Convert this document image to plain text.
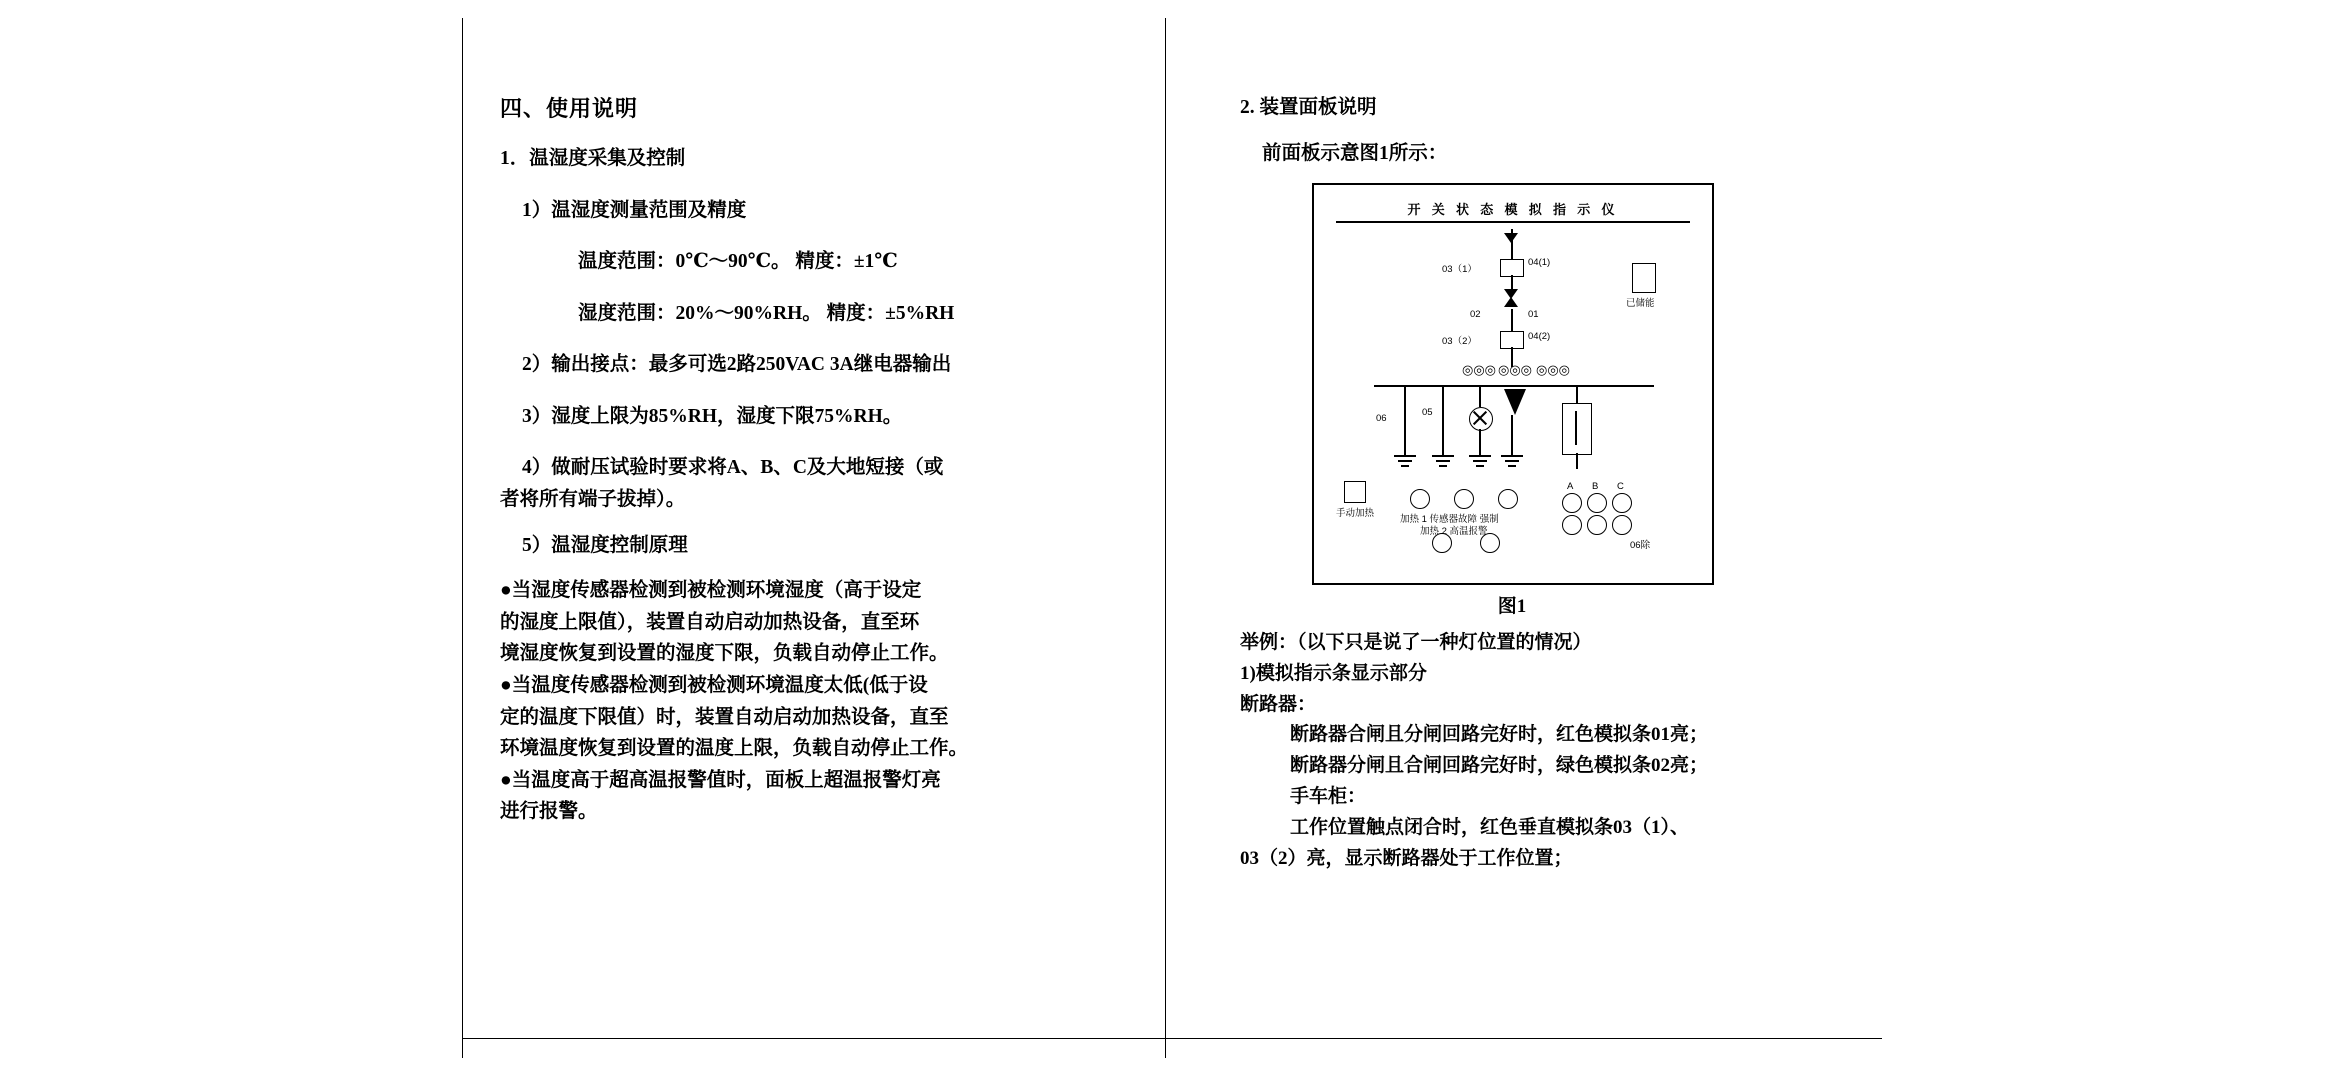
四、使用说明
1．温湿度采集及控制
1）温湿度测量范围及精度
温度范围：0℃～90℃。 精度：±1℃
湿度范围：20%～90%RH。 精度：±5%RH
2）输出接点：最多可选2路250VAC 3A继电器输出
3）湿度上限为85%RH，湿度下限75%RH。
4）做耐压试验时要求将A、B、C及大地短接（或
者将所有端子拔掉）。
5）温湿度控制原理
●当湿度传感器检测到被检测环境湿度（高于设定
的湿度上限值），装置自动启动加热设备，直至环
境湿度恢复到设置的湿度下限，负载自动停止工作。
●当温度传感器检测到被检测环境温度太低(低于设
定的温度下限值）时，装置自动启动加热设备，直至
环境温度恢复到设置的温度上限，负载自动停止工作。
●当温度高于超高温报警值时，面板上超温报警灯亮
进行报警。
2. 装置面板说明
前面板示意图1所示：
开 关 状 态 模 拟 指 示 仪
03（1）
04(1)
02	01
03（2）	04(2)
◎◎◎ ◎◎◎ ◎◎◎
06
05
已储能
手动加热
A B C
加热 1 传感器故障 强制
加热 2 高温报警
06除
图1
举例：（以下只是说了一种灯位置的情况）
1)模拟指示条显示部分
断路器：
断路器合闸且分闸回路完好时，红色模拟条01亮；
断路器分闸且合闸回路完好时，绿色模拟条02亮；
手车柜：
工作位置触点闭合时，红色垂直模拟条03（1）、
03（2）亮，显示断路器处于工作位置；
